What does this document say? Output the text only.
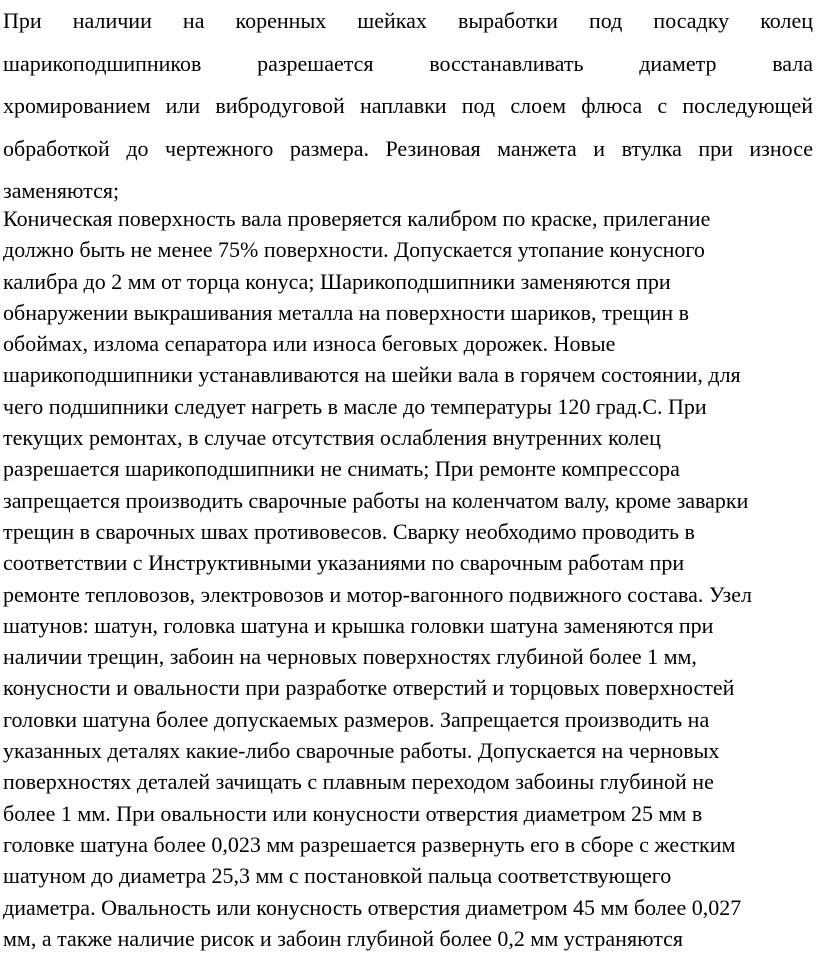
При наличии на коренных шейках выработки под посадку колец
шарикоподшипников разрешается восстанавливать диаметр вала
хромированием или вибродуговой наплавки под слоем флюса с последующей
обработкой до чертежного размера. Резиновая манжета и втулка при износе
заменяются;
Коническая поверхность вала проверяется калибром по краске, прилегание
должно быть не менее 75% поверхности. Допускается утопание конусного
калибра до 2 мм от торца конуса; Шарикоподшипники заменяются при
обнаружении выкрашивания металла на поверхности шариков, трещин в
обоймах, излома сепаратора или износа беговых дорожек. Новые
шарикоподшипники устанавливаются на шейки вала в горячем состоянии, для
чего подшипники следует нагреть в масле до температуры 120 град.С. При
текущих ремонтах, в случае отсутствия ослабления внутренних колец
разрешается шарикоподшипники не снимать; При ремонте компрессора
запрещается производить сварочные работы на коленчатом валу, кроме заварки
трещин в сварочных швах противовесов. Сварку необходимо проводить в
соответствии с Инструктивными указаниями по сварочным работам при
ремонте тепловозов, электровозов и мотор-вагонного подвижного состава. Узел
шатунов: шатун, головка шатуна и крышка головки шатуна заменяются при
наличии трещин, забоин на черновых поверхностях глубиной более 1 мм,
конусности и овальности при разработке отверстий и торцовых поверхностей
головки шатуна более допускаемых размеров. Запрещается производить на
указанных деталях какие-либо сварочные работы. Допускается на черновых
поверхностях деталей зачищать с плавным переходом забоины глубиной не
более 1 мм. При овальности или конусности отверстия диаметром 25 мм в
головке шатуна более 0,023 мм разрешается развернуть его в сборе с жестким
шатуном до диаметра 25,3 мм с постановкой пальца соответствующего
диаметра. Овальность или конусность отверстия диаметром 45 мм более 0,027
мм, а также наличие рисок и забоин глубиной более 0,2 мм устраняются
